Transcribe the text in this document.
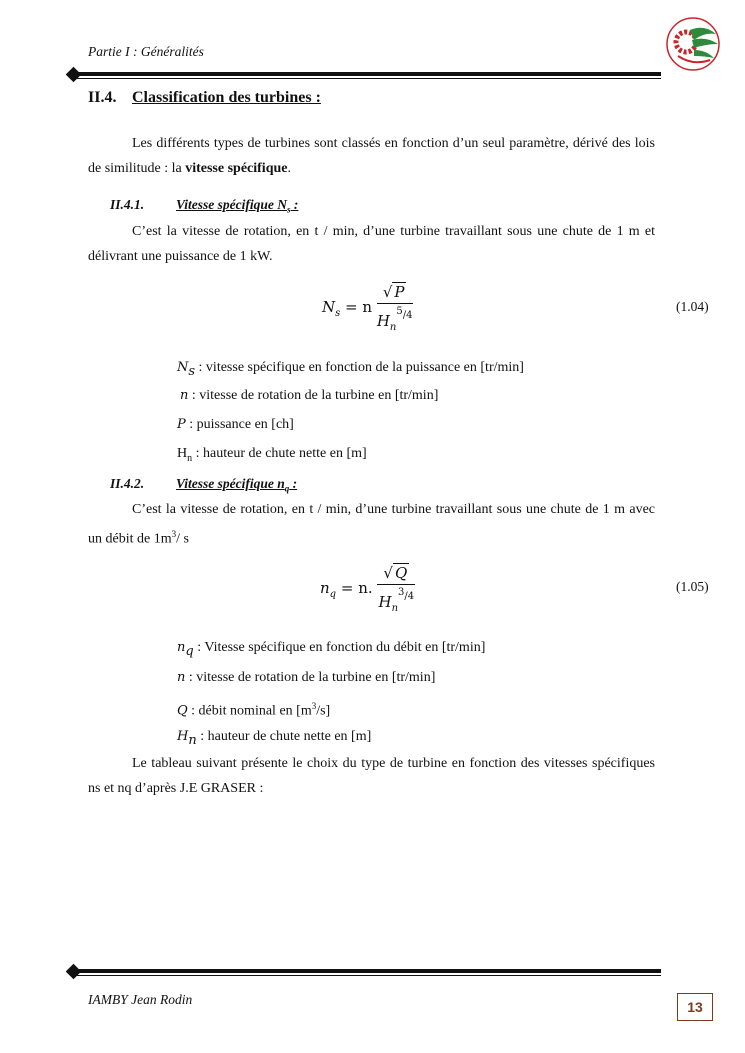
Partie I : Généralités
II.4. Classification des turbines :
Les différents types de turbines sont classés en fonction d’un seul paramètre, dérivé des lois de similitude : la vitesse spécifique.
II.4.1. Vitesse spécifique $N_s$ :
C’est la vitesse de rotation, en t / min, d’une turbine travaillant sous une chute de 1 m et délivrant une puissance de 1 kW.
$N_s = n \frac{√ P}{H_n^{5/4}}$	(1.04)
Ns : vitesse spécifique en fonction de la puissance en [tr/min]
n : vitesse de rotation de la turbine en [tr/min]
P : puissance en [ch]
$H_n$ : hauteur de chute nette en [m]
II.4.2. Vitesse spécifique $n_q$ :
C’est la vitesse de rotation, en t / min, d’une turbine travaillant sous une chute de 1 m avec un débit de $1m^3/$ s
$n_q = n$. $\frac{√ Q}{H_n^{3/4}}$	(1.05)
nq : Vitesse spécifique en fonction du débit en [tr/min]
n : vitesse de rotation de la turbine en [tr/min]
Q : débit nominal en $[m^3/s]$
Hn : hauteur de chute nette en [m]
Le tableau suivant présente le choix du type de turbine en fonction des vitesses spécifiques ns et nq d’après J.E GRASER :
IAMBY Jean Rodin	13
